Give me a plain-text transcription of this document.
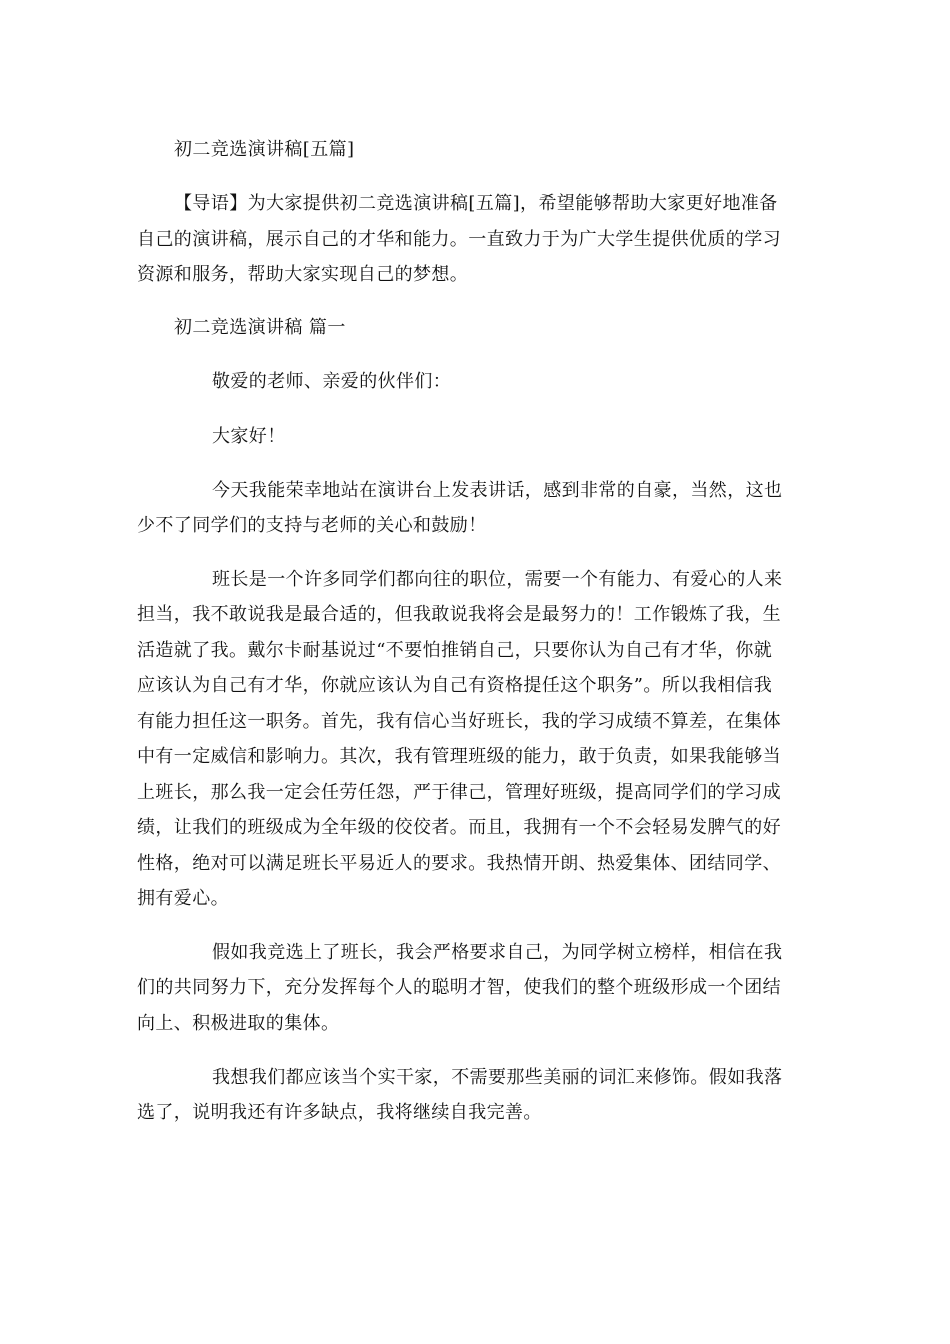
初二竞选演讲稿[五篇]

【导语】为大家提供初二竞选演讲稿[五篇]，希望能够帮助大家更好地准备

自己的演讲稿，展示自己的才华和能力。一直致力于为广大学生提供优质的学习

资源和服务，帮助大家实现自己的梦想。

初二竞选演讲稿 篇一

敬爱的老师、亲爱的伙伴们：

大家好！

今天我能荣幸地站在演讲台上发表讲话，感到非常的自豪，当然，这也

少不了同学们的支持与老师的关心和鼓励！

班长是一个许多同学们都向往的职位，需要一个有能力、有爱心的人来

担当，我不敢说我是最合适的，但我敢说我将会是最努力的！工作锻炼了我，生

活造就了我。戴尔卡耐基说过“不要怕推销自己，只要你认为自己有才华，你就

应该认为自己有才华，你就应该认为自己有资格提任这个职务”。所以我相信我

有能力担任这一职务。首先，我有信心当好班长，我的学习成绩不算差，在集体

中有一定威信和影响力。其次，我有管理班级的能力，敢于负责，如果我能够当

上班长，那么我一定会任劳任怨，严于律己，管理好班级，提高同学们的学习成

绩，让我们的班级成为全年级的佼佼者。而且，我拥有一个不会轻易发脾气的好

性格，绝对可以满足班长平易近人的要求。我热情开朗、热爱集体、团结同学、

拥有爱心。

假如我竞选上了班长，我会严格要求自己，为同学树立榜样，相信在我

们的共同努力下，充分发挥每个人的聪明才智，使我们的整个班级形成一个团结

向上、积极进取的集体。

我想我们都应该当个实干家，不需要那些美丽的词汇来修饰。假如我落

选了，说明我还有许多缺点，我将继续自我完善。
